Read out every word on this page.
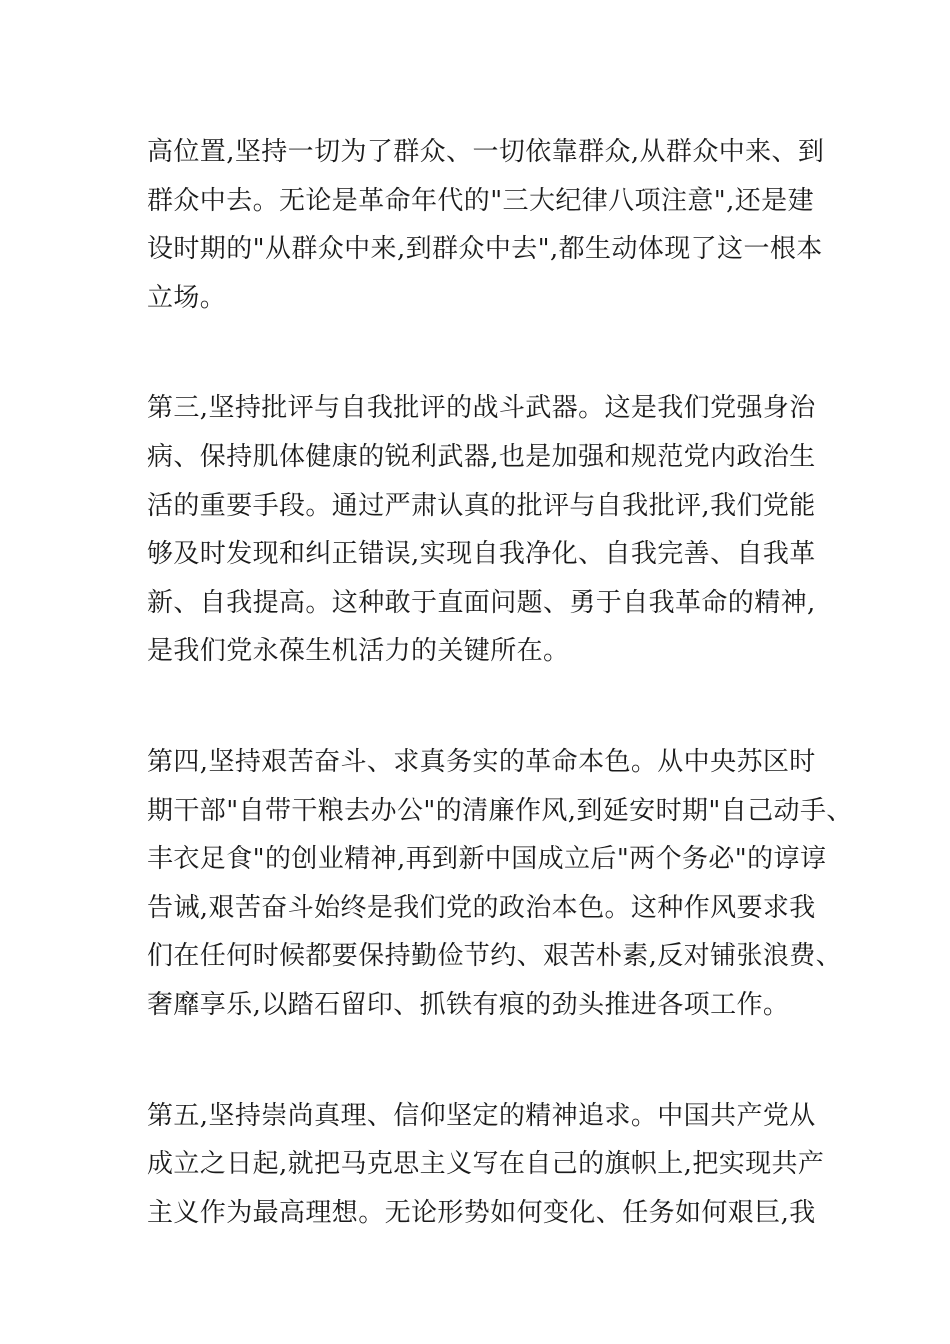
高位置,坚持一切为了群众、一切依靠群众,从群众中来、到
群众中去。无论是革命年代的"三大纪律八项注意",还是建
设时期的"从群众中来,到群众中去",都生动体现了这一根本
立场。
第三,坚持批评与自我批评的战斗武器。这是我们党强身治
病、保持肌体健康的锐利武器,也是加强和规范党内政治生
活的重要手段。通过严肃认真的批评与自我批评,我们党能
够及时发现和纠正错误,实现自我净化、自我完善、自我革
新、自我提高。这种敢于直面问题、勇于自我革命的精神,
是我们党永葆生机活力的关键所在。
第四,坚持艰苦奋斗、求真务实的革命本色。从中央苏区时
期干部"自带干粮去办公"的清廉作风,到延安时期"自己动手、
丰衣足食"的创业精神,再到新中国成立后"两个务必"的谆谆
告诫,艰苦奋斗始终是我们党的政治本色。这种作风要求我
们在任何时候都要保持勤俭节约、艰苦朴素,反对铺张浪费、
奢靡享乐,以踏石留印、抓铁有痕的劲头推进各项工作。
第五,坚持崇尚真理、信仰坚定的精神追求。中国共产党从
成立之日起,就把马克思主义写在自己的旗帜上,把实现共产
主义作为最高理想。无论形势如何变化、任务如何艰巨,我
